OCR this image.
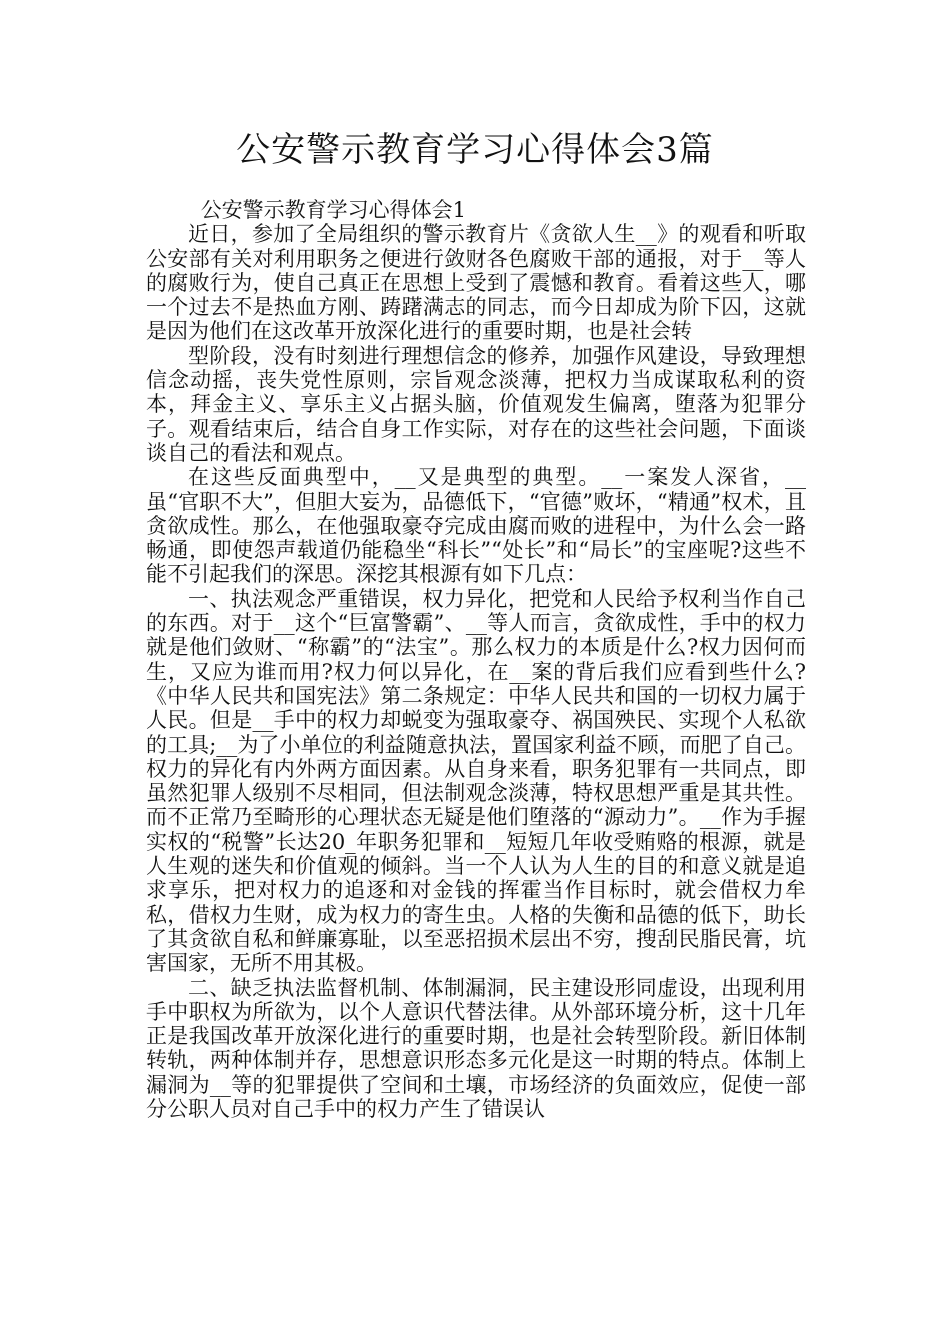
公安警示教育学习心得体会3篇

公安警示教育学习心得体会1

近日，参加了全局组织的警示教育片《贪欲人生__》的观看和听取公安部有关对利用职务之便进行敛财各色腐败干部的通报，对于__等人的腐败行为，使自己真正在思想上受到了震憾和教育。看着这些人，哪一个过去不是热血方刚、踌躇满志的同志，而今日却成为阶下囚，这就是因为他们在这改革开放深化进行的重要时期，也是社会转

型阶段，没有时刻进行理想信念的修养，加强作风建设，导致理想信念动摇，丧失党性原则，宗旨观念淡薄，把权力当成谋取私利的资本，拜金主义、享乐主义占据头脑，价值观发生偏离，堕落为犯罪分子。观看结束后，结合自身工作实际，对存在的这些社会问题，下面谈谈自己的看法和观点。

在这些反面典型中，__又是典型的典型。__一案发人深省，__虽“官职不大”，但胆大妄为，品德低下，“官德”败坏，“精通”权术，且贪欲成性。那么，在他强取豪夺完成由腐而败的进程中，为什么会一路畅通，即使怨声载道仍能稳坐“科长”“处长”和“局长”的宝座呢?这些不能不引起我们的深思。深挖其根源有如下几点：

一、执法观念严重错误，权力异化，把党和人民给予权利当作自己的东西。对于__这个“巨富警霸”、__等人而言，贪欲成性，手中的权力就是他们敛财、“称霸”的“法宝”。那么权力的本质是什么?权力因何而生，又应为谁而用?权力何以异化，在__案的背后我们应看到些什么?《中华人民共和国宪法》第二条规定：中华人民共和国的一切权力属于人民。但是__手中的权力却蜕变为强取豪夺、祸国殃民、实现个人私欲的工具;__为了小单位的利益随意执法，置国家利益不顾，而肥了自己。权力的异化有内外两方面因素。从自身来看，职务犯罪有一共同点，即虽然犯罪人级别不尽相同，但法制观念淡薄，特权思想严重是其共性。而不正常乃至畸形的心理状态无疑是他们堕落的“源动力”。__作为手握实权的“税警”长达20_年职务犯罪和__短短几年收受贿赂的根源，就是人生观的迷失和价值观的倾斜。当一个人认为人生的目的和意义就是追求享乐，把对权力的追逐和对金钱的挥霍当作目标时，就会借权力牟私，借权力生财，成为权力的寄生虫。人格的失衡和品德的低下，助长了其贪欲自私和鲜廉寡耻，以至恶招损术层出不穷，搜刮民脂民膏，坑害国家，无所不用其极。

二、缺乏执法监督机制、体制漏洞，民主建设形同虚设，出现利用手中职权为所欲为，以个人意识代替法律。从外部环境分析，这十几年正是我国改革开放深化进行的重要时期，也是社会转型阶段。新旧体制转轨，两种体制并存，思想意识形态多元化是这一时期的特点。体制上漏洞为__等的犯罪提供了空间和土壤，市场经济的负面效应，促使一部分公职人员对自己手中的权力产生了错误认
